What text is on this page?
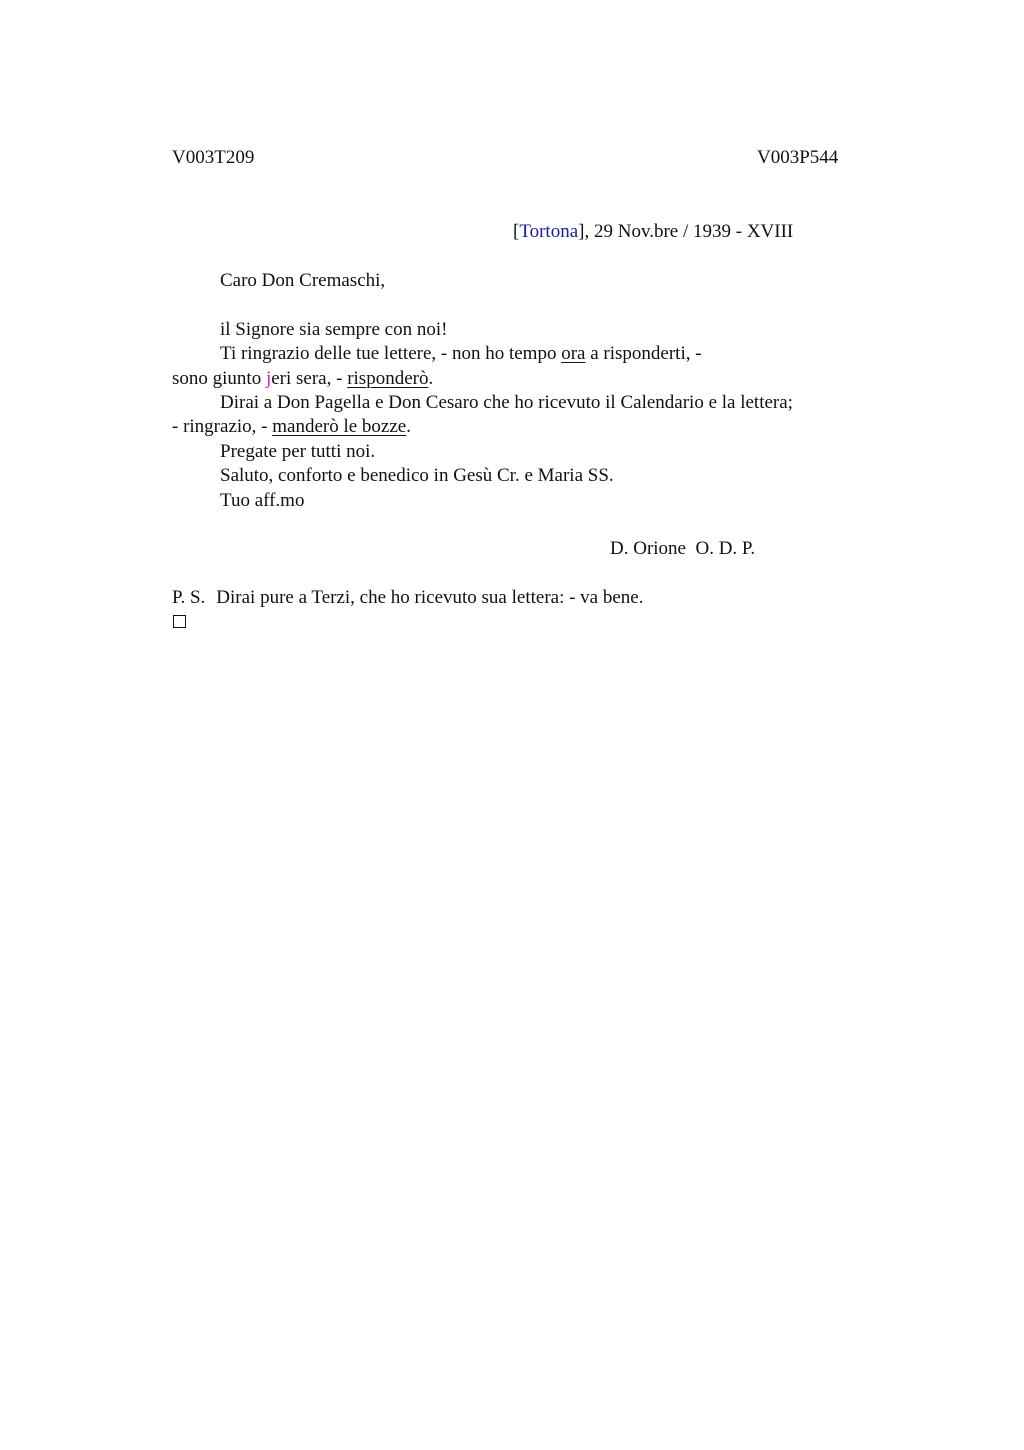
V003T209	V003P544
[Tortona], 29 Nov.bre / 1939 - XVIII
Caro Don Cremaschi,
il Signore sia sempre con noi!
Ti ringrazio delle tue lettere, - non ho tempo ora a risponderti, -
sono giunto jeri sera, - risponderò.
Dirai a Don Pagella e Don Cesaro che ho ricevuto il Calendario e la lettera;
- ringrazio, - manderò le bozze.
Pregate per tutti noi.
Saluto, conforto e benedico in Gesù Cr. e Maria SS.
Tuo aff.mo
D. Orione  O. D. P.
P. S. Dirai pure a Terzi, che ho ricevuto sua lettera: - va bene.
